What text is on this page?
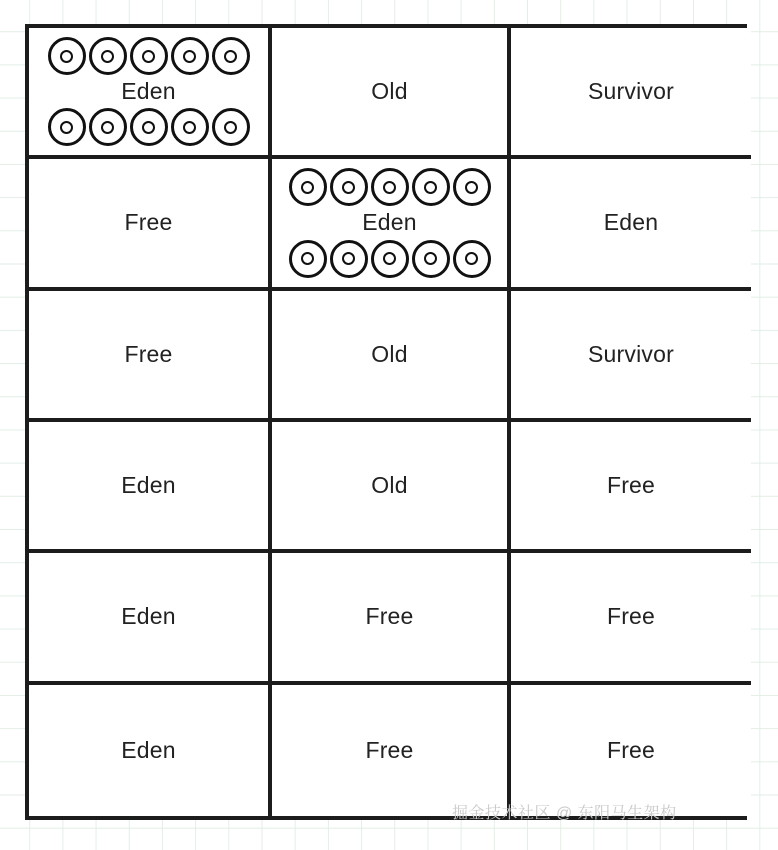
Eden	Old	Survivor
Free	Eden	Eden
Free	Old	Survivor
Eden	Old	Free
Eden	Free	Free
Eden	Free	Free
掘金技术社区 @ 东阳马生架构
